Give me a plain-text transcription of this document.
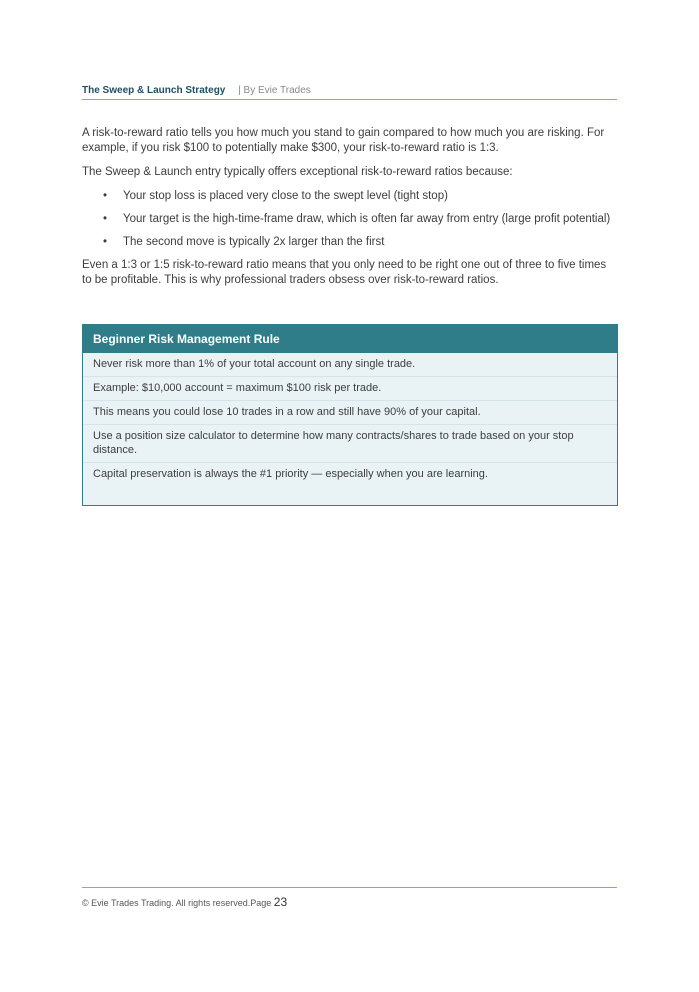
The Sweep & Launch Strategy | By Evie Trades

A risk-to-reward ratio tells you how much you stand to gain compared to how much you are risking. For example, if you risk $100 to potentially make $300, your risk-to-reward ratio is 1:3.

The Sweep & Launch entry typically offers exceptional risk-to-reward ratios because:

• Your stop loss is placed very close to the swept level (tight stop)
• Your target is the high-time-frame draw, which is often far away from entry (large profit potential)
• The second move is typically 2x larger than the first

Even a 1:3 or 1:5 risk-to-reward ratio means that you only need to be right one out of three to five times to be profitable. This is why professional traders obsess over risk-to-reward ratios.

Beginner Risk Management Rule
Never risk more than 1% of your total account on any single trade.
Example: $10,000 account = maximum $100 risk per trade.
This means you could lose 10 trades in a row and still have 90% of your capital.
Use a position size calculator to determine how many contracts/shares to trade based on your stop distance.
Capital preservation is always the #1 priority — especially when you are learning.
© Evie Trades Trading. All rights reserved.Page 23
